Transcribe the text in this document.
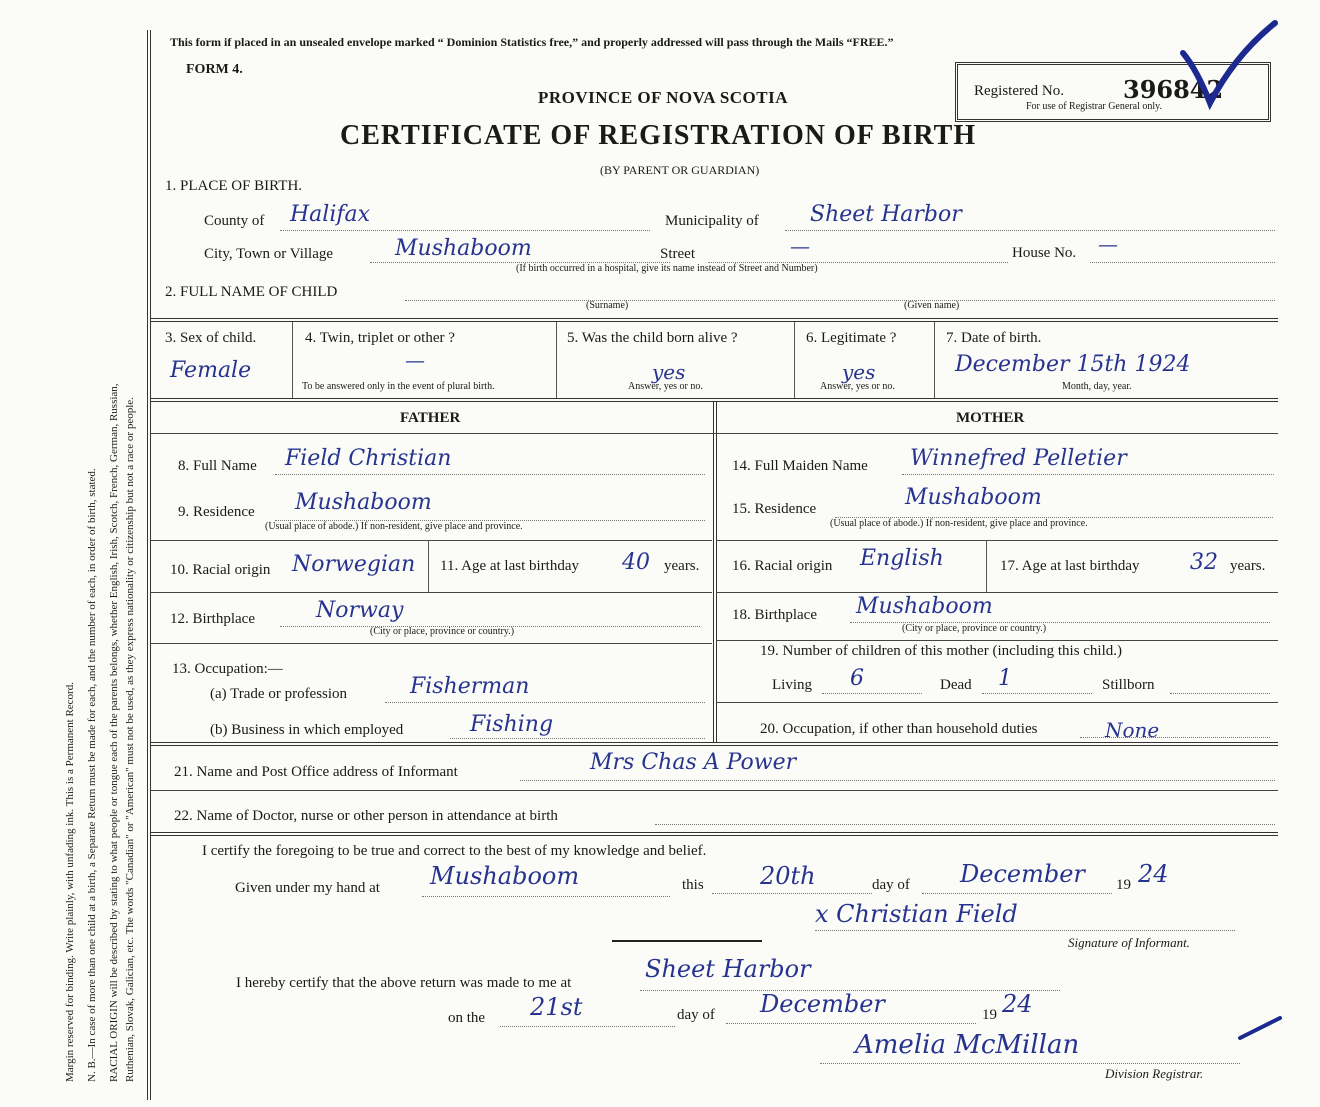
Margin reserved for binding. Write plainly, with unfading ink. This is a Permanent Record. N. B.—In case of more than one child at a birth, a Separate Return must be made for each, and the number of each, in order of birth, stated. RACIAL ORIGIN will be described by stating to what people or tongue each of the parents belongs, whether English, Irish, Scotch, French, German, Russian, Ruthenian, Slovak, Galician, etc. The words "Canadian" or "American" must not be used, as they express nationality or citizenship but not a race or people.
This form if placed in an unsealed envelope marked “ Dominion Statistics free,” and properly addressed will pass through the Mails “FREE.”
FORM 4.
PROVINCE OF NOVA SCOTIA
CERTIFICATE OF REGISTRATION OF BIRTH
(BY PARENT OR GUARDIAN)
Registered No. 396842
For use of Registrar General only.
1. PLACE OF BIRTH.
County of Halifax	Municipality of Sheet Harbor
City, Town or Village	Mushaboom	Street	—	House No. —
(If birth occurred in a hospital, give its name instead of Street and Number)
2. FULL NAME OF CHILD
(Surname)	(Given name)
3. Sex of child.
Female
4. Twin, triplet or other ?
—
To be answered only in the event of plural birth.
5. Was the child born alive ?
yes
Answer, yes or no.
6. Legitimate ?
yes
Answer, yes or no.
7. Date of birth.
December 15th 1924
Month, day, year.
FATHER	MOTHER
8. Full Name Field Christian
9. Residence Mushaboom
(Usual place of abode.) If non-resident, give place and province.
10. Racial origin Norwegian 11. Age at last birthday 40 years.
12. Birthplace	Norway
(City or place, province or country.)
13. Occupation:—
(a) Trade or profession	Fisherman
(b) Business in which employed	Fishing
14. Full Maiden Name Winnefred Pelletier
15. Residence	Mushaboom
(Usual place of abode.) If non-resident, give place and province.
16. Racial origin English	17. Age at last birthday 32 years.
18. Birthplace Mushaboom
(City or place, province or country.)
19. Number of children of this mother (including this child.)
Living 6	Dead 1	Stillborn
20. Occupation, if other than household duties	None
21. Name and Post Office address of Informant	Mrs Chas A Power
22. Name of Doctor, nurse or other person in attendance at birth
I certify the foregoing to be true and correct to the best of my knowledge and belief.
Given under my hand at Mushaboom	this 20th	day of December 19 24
x Christian Field
Signature of Informant.
I hereby certify that the above return was made to me at	Sheet Harbor
on the 21st	day of December	19 24
Amelia McMillan
Division Registrar.
